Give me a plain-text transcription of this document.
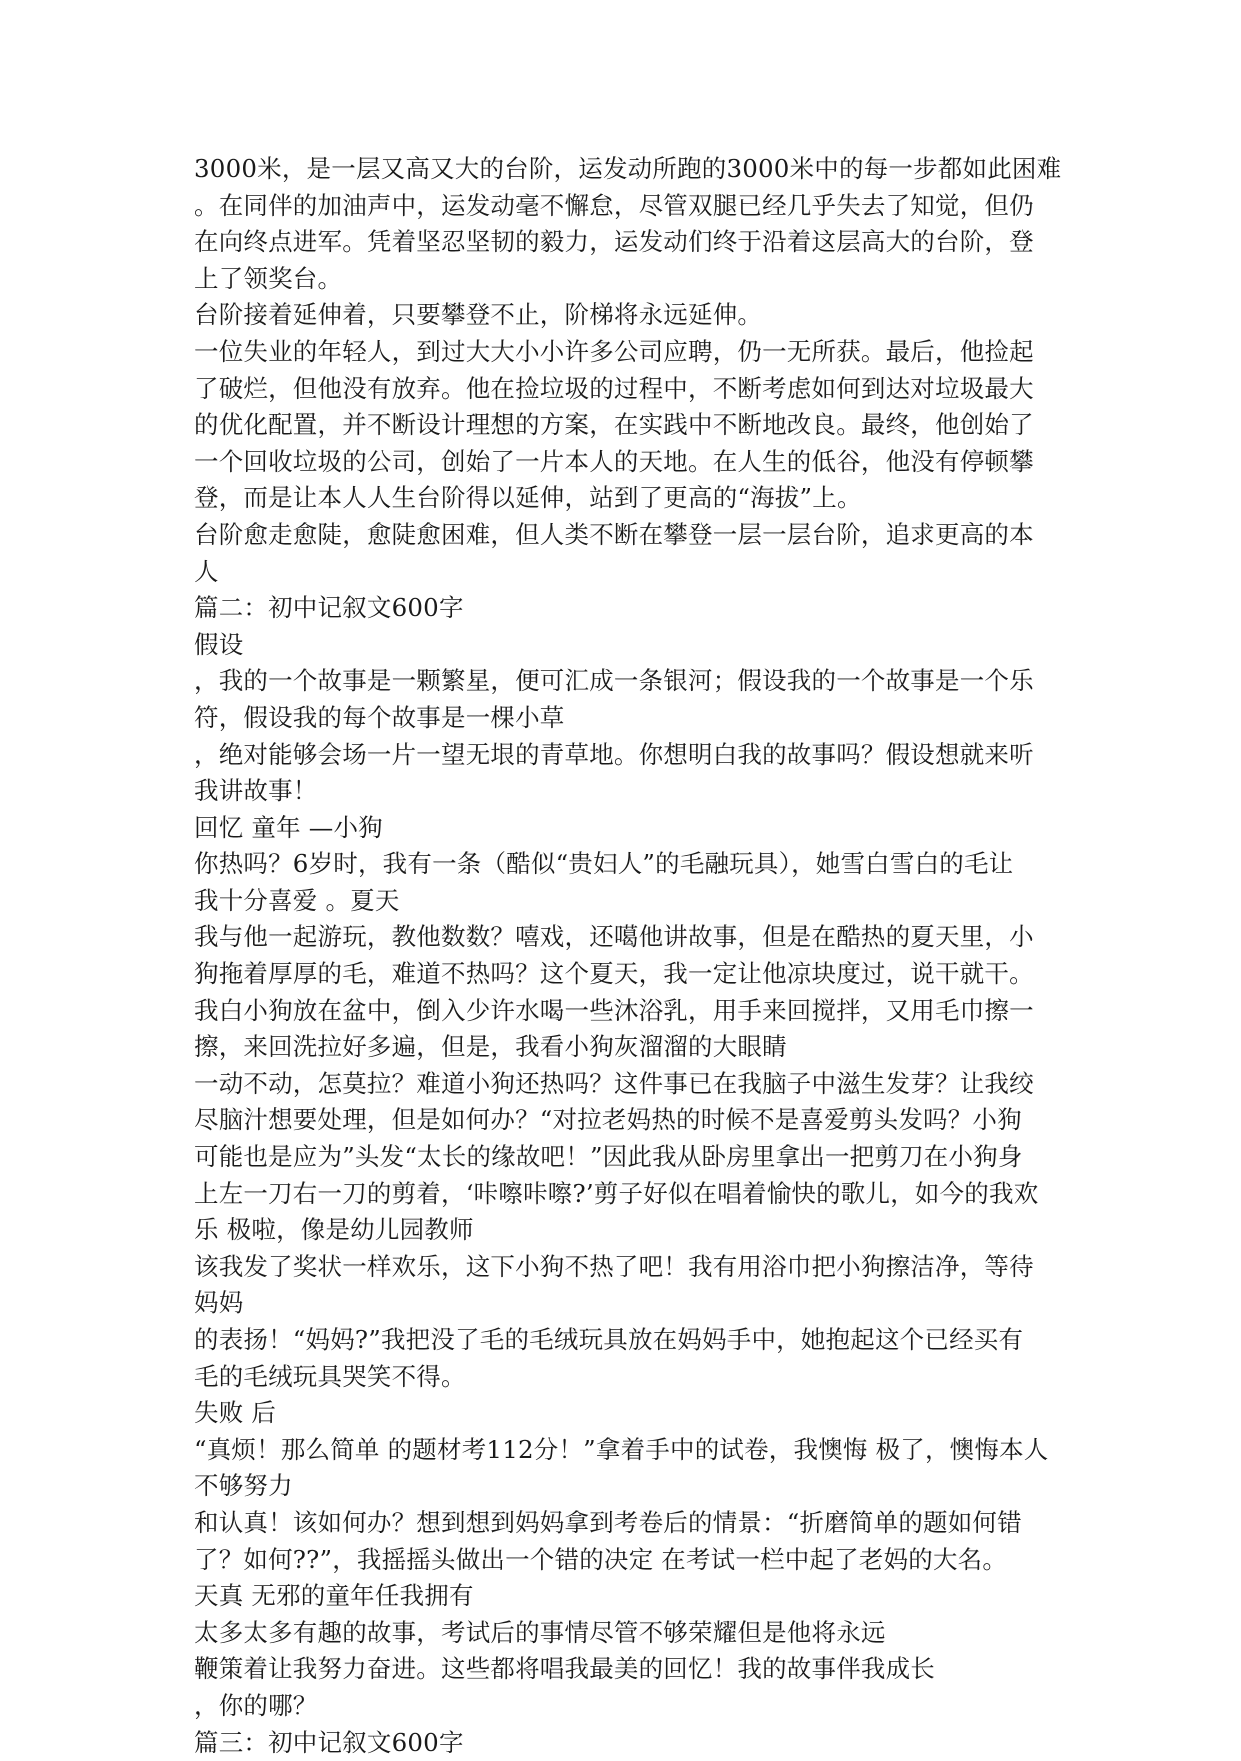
3000米，是一层又高又大的台阶，运发动所跑的3000米中的每一步都如此困难
。在同伴的加油声中，运发动毫不懈怠，尽管双腿已经几乎失去了知觉，但仍
在向终点进军。凭着坚忍坚韧的毅力，运发动们终于沿着这层高大的台阶，登
上了领奖台。
台阶接着延伸着，只要攀登不止，阶梯将永远延伸。
一位失业的年轻人，到过大大小小许多公司应聘，仍一无所获。最后，他捡起
了破烂，但他没有放弃。他在捡垃圾的过程中，不断考虑如何到达对垃圾最大
的优化配置，并不断设计理想的方案，在实践中不断地改良。最终，他创始了
一个回收垃圾的公司，创始了一片本人的天地。在人生的低谷，他没有停顿攀
登，而是让本人人生台阶得以延伸，站到了更高的“海拔”上。
台阶愈走愈陡，愈陡愈困难，但人类不断在攀登一层一层台阶，追求更高的本
人
篇二：初中记叙文600字
假设
，我的一个故事是一颗繁星，便可汇成一条银河；假设我的一个故事是一个乐
符，假设我的每个故事是一棵小草
，绝对能够会场一片一望无垠的青草地。你想明白我的故事吗？假设想就来听
我讲故事！
回忆 童年 —小狗
你热吗？6岁时，我有一条（酷似“贵妇人”的毛融玩具），她雪白雪白的毛让
我十分喜爱 。夏天
我与他一起游玩，教他数数？嘻戏，还噶他讲故事，但是在酷热的夏天里，小
狗拖着厚厚的毛，难道不热吗？这个夏天，我一定让他凉块度过，说干就干。
我白小狗放在盆中，倒入少许水喝一些沐浴乳，用手来回搅拌，又用毛巾擦一
擦，来回洗拉好多遍，但是，我看小狗灰溜溜的大眼睛
一动不动，怎莫拉？难道小狗还热吗？这件事已在我脑子中滋生发芽？让我绞
尽脑汁想要处理，但是如何办？“对拉老妈热的时候不是喜爱剪头发吗？小狗
可能也是应为”头发“太长的缘故吧！”因此我从卧房里拿出一把剪刀在小狗身
上左一刀右一刀的剪着，‘咔嚓咔嚓?’剪子好似在唱着愉快的歌儿，如今的我欢
乐 极啦，像是幼儿园教师
该我发了奖状一样欢乐，这下小狗不热了吧！我有用浴巾把小狗擦洁净，等待
妈妈
的表扬！“妈妈?”我把没了毛的毛绒玩具放在妈妈手中，她抱起这个已经买有
毛的毛绒玩具哭笑不得。
失败 后
“真烦！那么简单 的题材考112分！”拿着手中的试卷，我懊悔 极了，懊悔本人
不够努力
和认真！该如何办？想到想到妈妈拿到考卷后的情景：“折磨简单的题如何错
了？如何??”，我摇摇头做出一个错的决定 在考试一栏中起了老妈的大名。
天真 无邪的童年任我拥有
太多太多有趣的故事，考试后的事情尽管不够荣耀但是他将永远
鞭策着让我努力奋进。这些都将唱我最美的回忆！我的故事伴我成长
，你的哪？
篇三：初中记叙文600字
